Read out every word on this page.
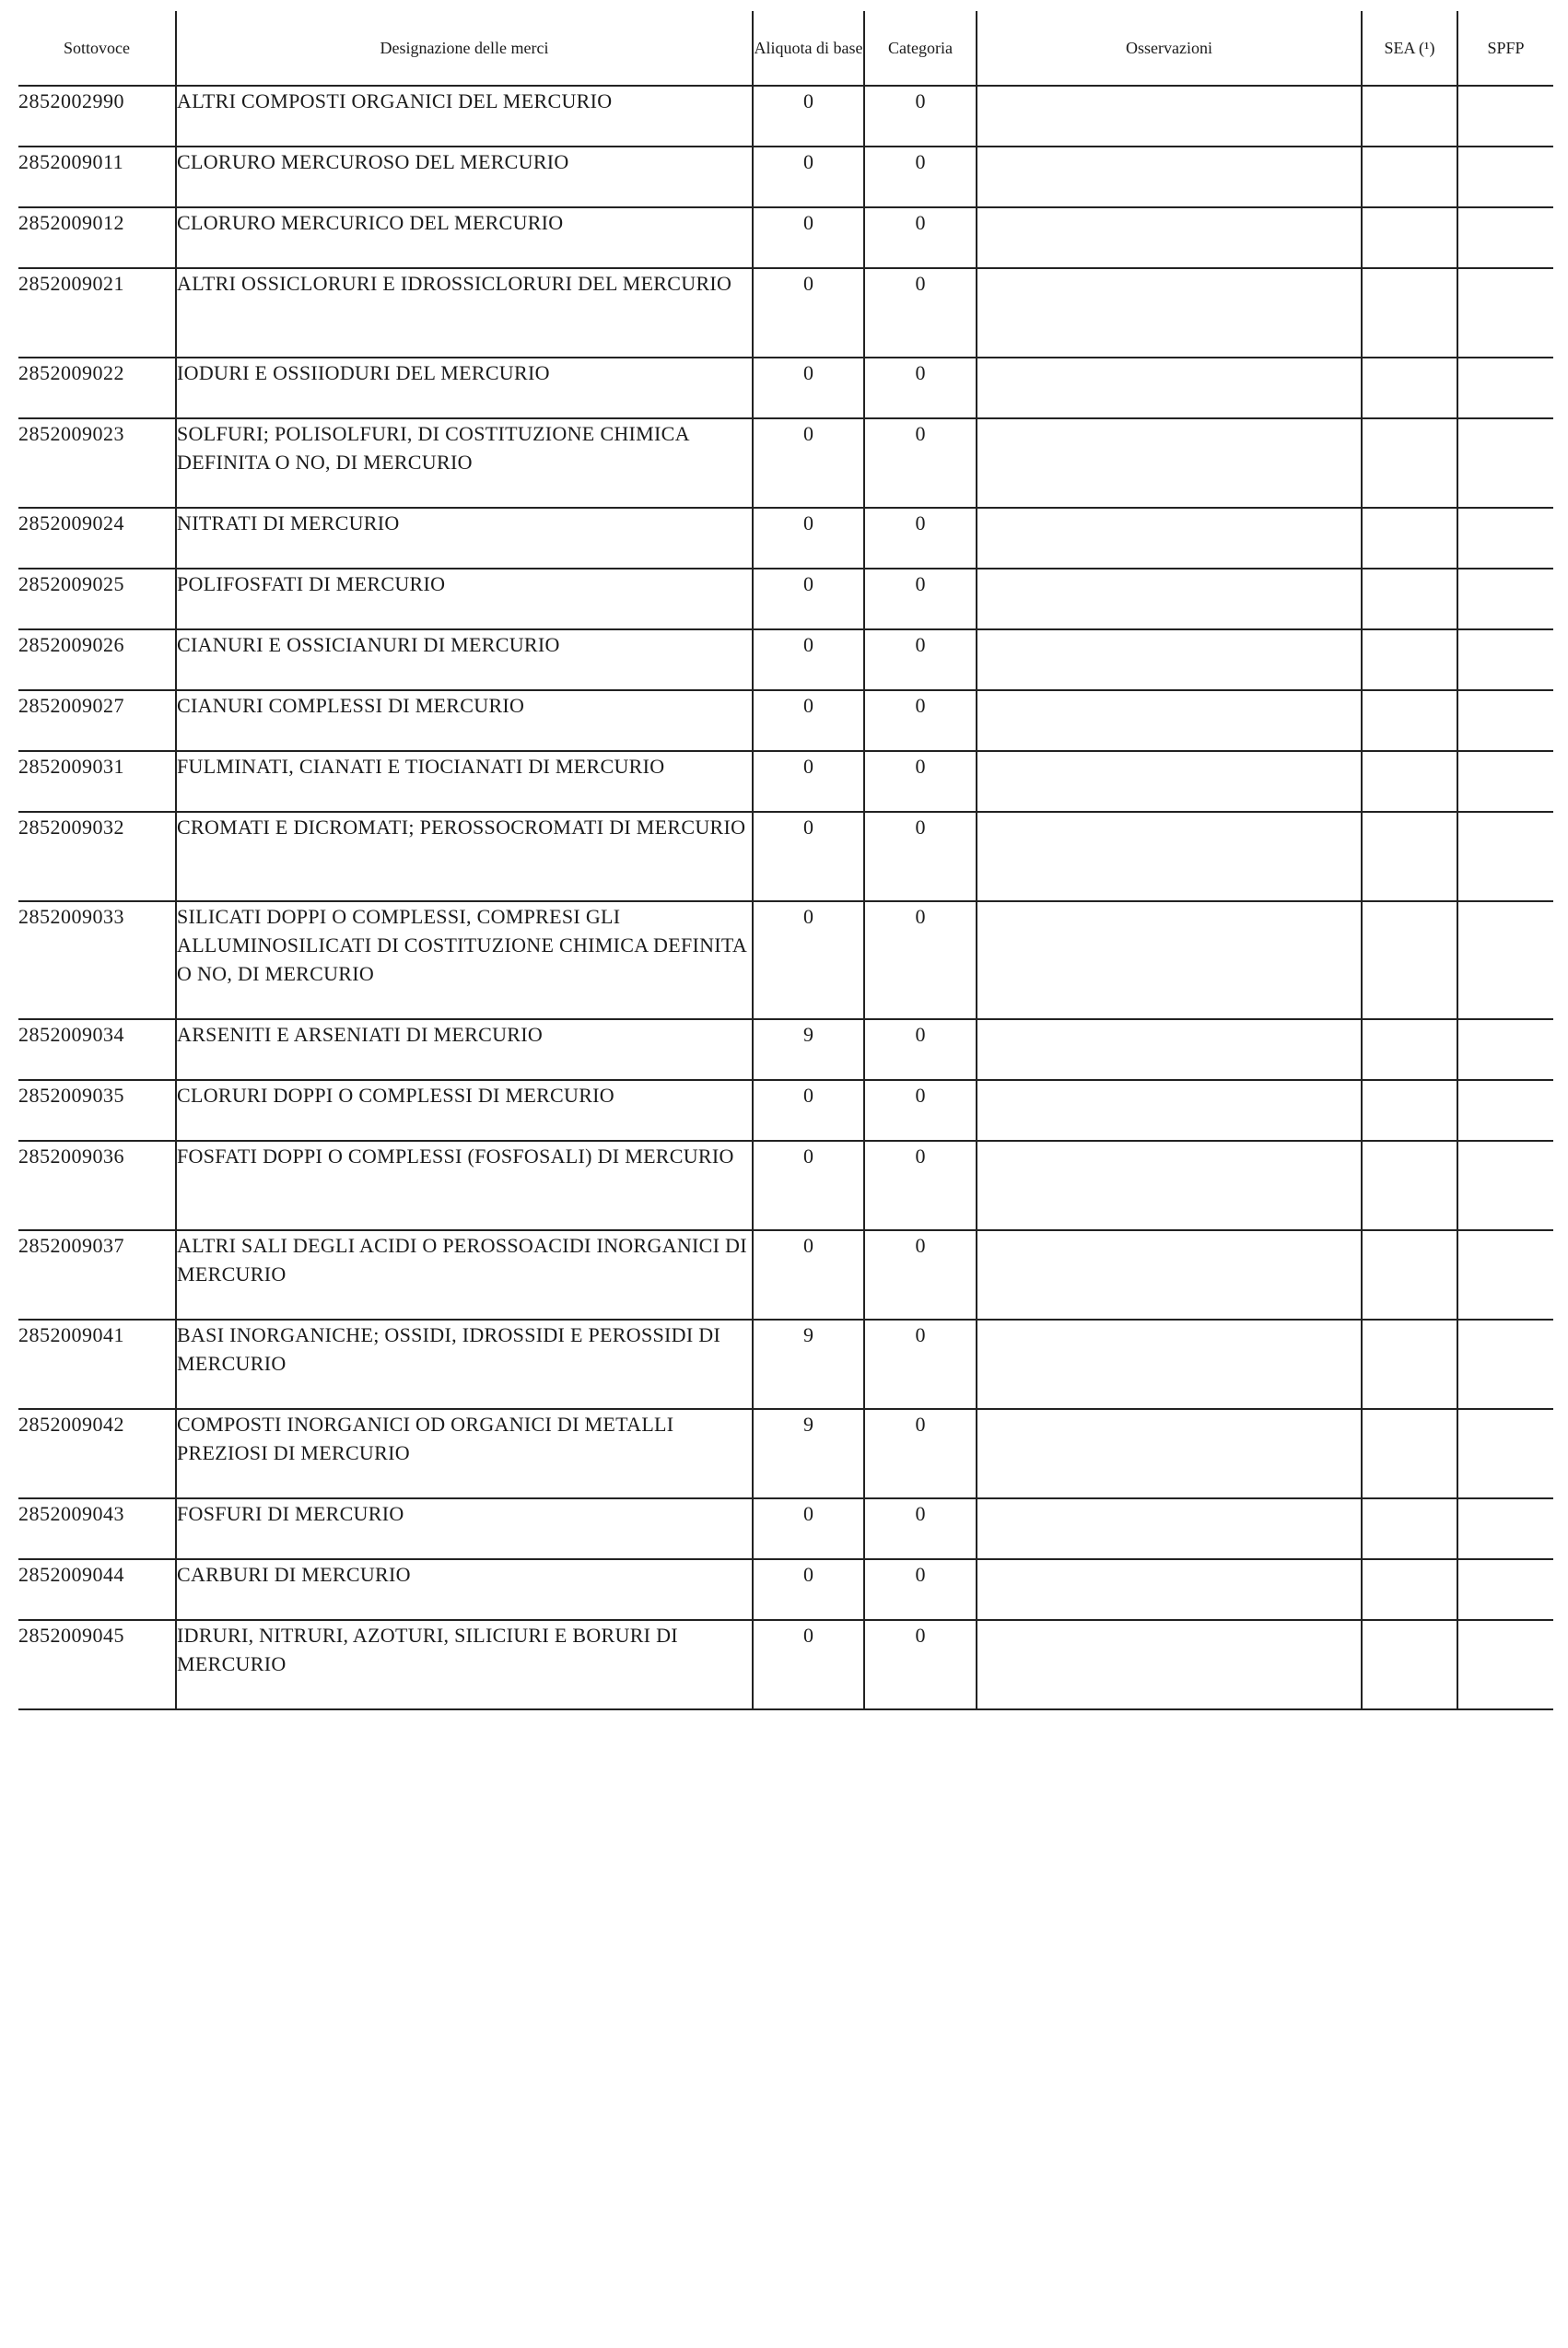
Sottovoce	Designazione delle merci	Aliquota di base	Categoria	Osservazioni	SEA (¹)	SPFP
2852002990	ALTRI COMPOSTI ORGANICI DEL MERCURIO	0	0			
2852009011	CLORURO MERCUROSO DEL MERCURIO	0	0			
2852009012	CLORURO MERCURICO DEL MERCURIO	0	0			
2852009021	ALTRI OSSICLORURI E IDROSSICLORURI DEL MERCURIO	0	0			
2852009022	IODURI E OSSIIODURI DEL MERCURIO	0	0			
2852009023	SOLFURI; POLISOLFURI, DI COSTITUZIONE CHIMICA DEFINITA O NO, DI MERCURIO	0	0			
2852009024	NITRATI DI MERCURIO	0	0			
2852009025	POLIFOSFATI DI MERCURIO	0	0			
2852009026	CIANURI E OSSICIANURI DI MERCURIO	0	0			
2852009027	CIANURI COMPLESSI DI MERCURIO	0	0			
2852009031	FULMINATI, CIANATI E TIOCIANATI DI MERCURIO	0	0			
2852009032	CROMATI E DICROMATI; PEROSSOCROMATI DI MERCURIO	0	0			
2852009033	SILICATI DOPPI O COMPLESSI, COMPRESI GLI ALLUMINOSILICATI DI COSTITUZIONE CHIMICA DEFINITA O NO, DI MERCURIO	0	0			
2852009034	ARSENITI E ARSENIATI DI MERCURIO	9	0			
2852009035	CLORURI DOPPI O COMPLESSI DI MERCURIO	0	0			
2852009036	FOSFATI DOPPI O COMPLESSI (FOSFOSALI) DI MERCURIO	0	0			
2852009037	ALTRI SALI DEGLI ACIDI O PEROSSOACIDI INORGANICI DI MERCURIO	0	0			
2852009041	BASI INORGANICHE; OSSIDI, IDROSSIDI E PEROSSIDI DI MERCURIO	9	0			
2852009042	COMPOSTI INORGANICI OD ORGANICI DI METALLI PREZIOSI DI MERCURIO	9	0			
2852009043	FOSFURI DI MERCURIO	0	0			
2852009044	CARBURI DI MERCURIO	0	0			
2852009045	IDRURI, NITRURI, AZOTURI, SILICIURI E BORURI DI MERCURIO	0	0			
